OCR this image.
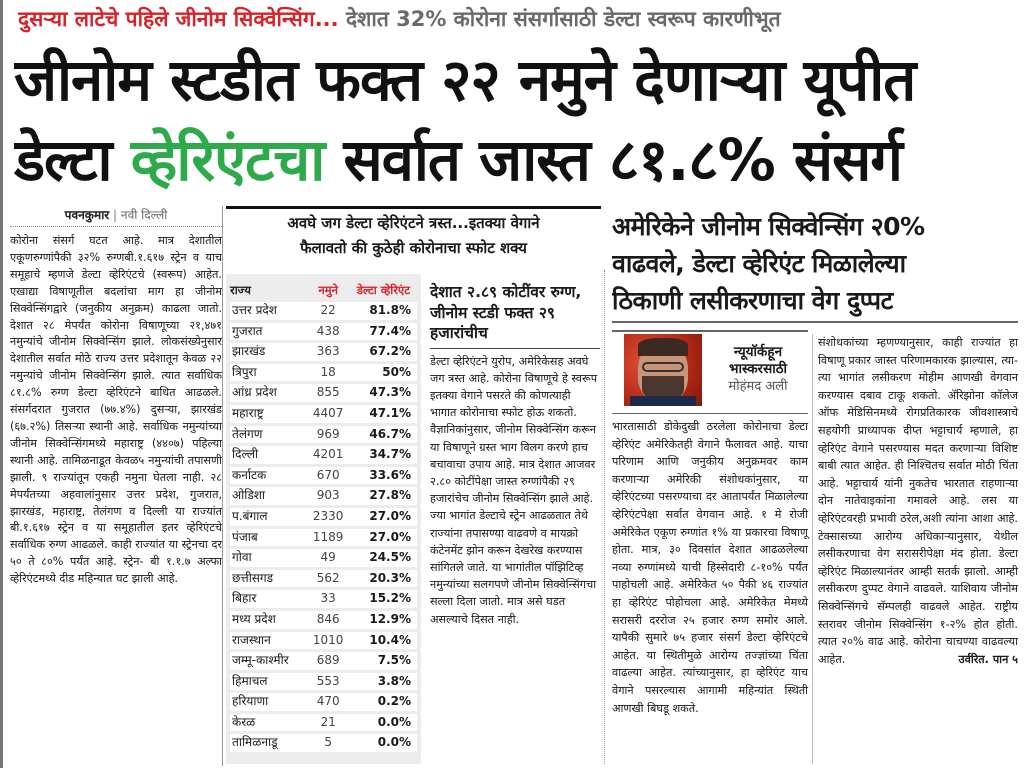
दुसऱ्या लाटेचे पहिले जीनोम सिक्वेन्सिंग... देशात 32% कोरोना संसर्गासाठी डेल्टा स्वरूप कारणीभूत
जीनोम स्टडीत फक्त २२ नमुने देणाऱ्या यूपीत
डेल्टा व्हेरिएंटचा सर्वात जास्त ८१.८% संसर्ग
पवनकुमार | नवी दिल्ली

कोरोना संसर्ग घटत आहे. मात्र देशातील एकूणरुग्णांपैकी ३२% रुग्णबी.१.६१७ स्ट्रेन व याच समूहाचे म्हणजे डेल्टा व्हेरिएंटचे (स्वरूप) आहेत. एखाद्या विषाणूतील बदलांचा माग हा जीनोम सिक्वेन्सिंगद्वारे (जनुकीय अनुक्रम) काढला जातो. देशात २८ मेपर्यंत कोरोना विषाणूच्या २१,४७१ नमुन्यांचे जीनोम सिक्वेन्सिंग झाले. लोकसंख्येनुसार देशातील सर्वात मोठे राज्य उत्तर प्रदेशातून केवळ २२ नमुन्यांचे जीनोम सिक्वेन्सिंग झाले. त्यात सर्वाधिक ८१.८% रुग्ण डेल्टा व्हेरिएंटने बाधित आढळले. संसर्गदरात गुजरात (७७.४%) दुसऱ्या, झारखंड (६७.२%) तिसऱ्या स्थानी आहे. सर्वाधिक नमुन्यांच्या जीनोम सिक्वेन्सिंगमध्ये महाराष्ट्र (४४०७) पहिल्या स्थानी आहे. तामिळनाडूत केवळ५ नमुन्यांची तपासणी झाली. ९ राज्यांतून एकही नमुना घेतला नाही. २८ मेपर्यंतच्या अहवालांनुसार उत्तर प्रदेश, गुजरात, झारखंड, महाराष्ट्र, तेलंगण व दिल्ली या राज्यांत बी.१.६१७ स्ट्रेन व या समूहातील इतर व्हेरिएंटचे सर्वाधिक रुग्ण आढळले. काही राज्यांत या स्ट्रेनचा दर ५० ते ८०% पर्यंत आहे. स्ट्रेन- बी १.१.७ अल्फा व्हेरिएंटमध्ये दीड महिन्यात घट झाली आहे.

अवघे जग डेल्टा व्हेरिएंटने त्रस्त...इतक्या वेगाने
फैलावतो की कुठेही कोरोनाचा स्फोट शक्य
राज्य	नमुने	डेल्टा व्हेरिएंट
उत्तर प्रदेश	22	81.8%
गुजरात	438	77.4%
झारखंड	363	67.2%
त्रिपुरा	18	50%
आंध्र प्रदेश	855	47.3%
महाराष्ट्र	4407	47.1%
तेलंगण	969	46.7%
दिल्ली	4201	34.7%
कर्नाटक	670	33.6%
ओडिशा	903	27.8%
प.बंगाल	2330	27.0%
पंजाब	1189	27.0%
गोवा	49	24.5%
छत्तीसगड	562	20.3%
बिहार	33	15.2%
मध्य प्रदेश	846	12.9%
राजस्थान	1010	10.4%
जम्मू-काश्मीर	689	7.5%
हिमाचल	553	3.8%
हरियाणा	470	0.2%
केरळ	21	0.0%
तामिळनाडू	5	0.0%
देशात २.८९ कोटींवर रुग्ण, जीनोम स्टडी फक्त २९ हजारांचीच

डेल्टा व्हेरिएंटने युरोप, अमेरिकेसह अवघे जग त्रस्त आहे. कोरोना विषाणूचे हे स्वरूप इतक्या वेगाने पसरते की कोणत्याही भागात कोरोनाचा स्फोट होऊ शकतो. वैज्ञानिकांनुसार, जीनोम सिक्वेन्सिंग करून या विषाणूने ग्रस्त भाग विलग करणे हाच बचावाचा उपाय आहे. मात्र देशात आजवर २.८० कोटींपेक्षा जास्त रुग्णांपैकी २९ हजारांचेच जीनोम सिक्वेन्सिंग झाले आहे. ज्या भागांत डेल्टाचे स्ट्रेन आढळतात तेथे राज्यांना तपासण्या वाढवणे व मायक्रो कंटेनमेंट झोन करून देखरेख करण्यास सांगितले जाते. या भागांतील पॉझिटिव्ह नमुन्यांच्या सलगपणे जीनोम सिक्वेन्सिंगचा सल्ला दिला जातो. मात्र असे घडत असल्याचे दिसत नाही.

अमेरिकेने जीनोम सिक्वेन्सिंग २0%
वाढवले, डेल्टा व्हेरिएंट मिळालेल्या
ठिकाणी लसीकरणाचा वेग दुप्पट
न्यूयॉर्कहून
भास्करसाठी
मोहंमद अली

भारतासाठी डोकेदुखी ठरलेला कोरोनाचा डेल्टा व्हेरिएंट अमेरिकेतही वेगाने फैलावत आहे. याचा परिणाम आणि जनुकीय अनुक्रमवर काम करणाऱ्या अमेरिकी संशोधकांनुसार, या व्हेरिएंटच्या पसरण्याचा दर आतापर्यंत मिळालेल्या व्हेरिएंटपेक्षा सर्वात वेगवान आहे. १ मे रोजी अमेरिकेत एकूण रुग्णांत १% या प्रकारचा विषाणू होता. मात्र, ३० दिवसांत देशात आढळलेल्या नव्या रुग्णांमध्ये याची हिस्सेदारी ८-१०% पर्यंत पाहोचली आहे. अमेरिकेत ५० पैकी ४६ राज्यांत हा व्हेरिएंट पोहोचला आहे. अमेरिकेत मेमध्ये सरासरी दररोज २५ हजार रुग्ण समोर आले. यापैकी सुमारे ७५ हजार संसर्ग डेल्टा व्हेरिएंटचे आहेत. या स्थितीमुळे आरोग्य तज्ज्ञांच्या चिंता वाढल्या आहेत. त्यांच्यानुसार, हा व्हेरिएंट याच वेगाने पसरल्यास आगामी महिन्यांत स्थिती आणखी बिघडू शकते.

संशोधकांच्या म्हणण्यानुसार, काही राज्यांत हा विषाणू प्रकार जास्त परिणामकारक झाल्यास, त्या-त्या भागांत लसीकरण मोहीम आणखी वेगवान करण्यास दबाव टाकू शकतो. ॲरिझोना कॉलेज ऑफ मेडिसिनमध्ये रोगप्रतिकारक जीवशास्त्राचे सहयोगी प्राध्यापक दीप्त भट्टाचार्य म्हणाले, हा व्हेरिएंट वेगाने पसरण्यास मदत करणाऱ्या विशिष्ट बाबी त्यात आहेत. ही निश्चितच सर्वात मोठी चिंता आहे. भट्टाचार्य यांनी नुकतेच भारतात राहणाऱ्या दोन नातेवाइकांना गमावले आहे. लस या व्हेरिएंटवरही प्रभावी ठरेल,अशी त्यांना आशा आहे. टेक्सासच्या आरोग्य अधिकाऱ्यानुसार, येथील लसीकरणाचा वेग सरासरीपेक्षा मंद होता. डेल्टा व्हेरिएंट मिळाल्यानंतर आम्ही सतर्क झालो. आम्ही लसीकरण दुप्पट वेगाने वाढवले. याशिवाय जीनोम सिक्वेन्सिंगचे सॅम्पलही वाढवले आहेत. राष्ट्रीय स्तरावर जीनोम सिक्वेन्सिंग १-२% होत होती. त्यात २०% वाढ आहे. कोरोना चाचण्या वाढवल्या आहेत.	उर्वरित. पान ५
